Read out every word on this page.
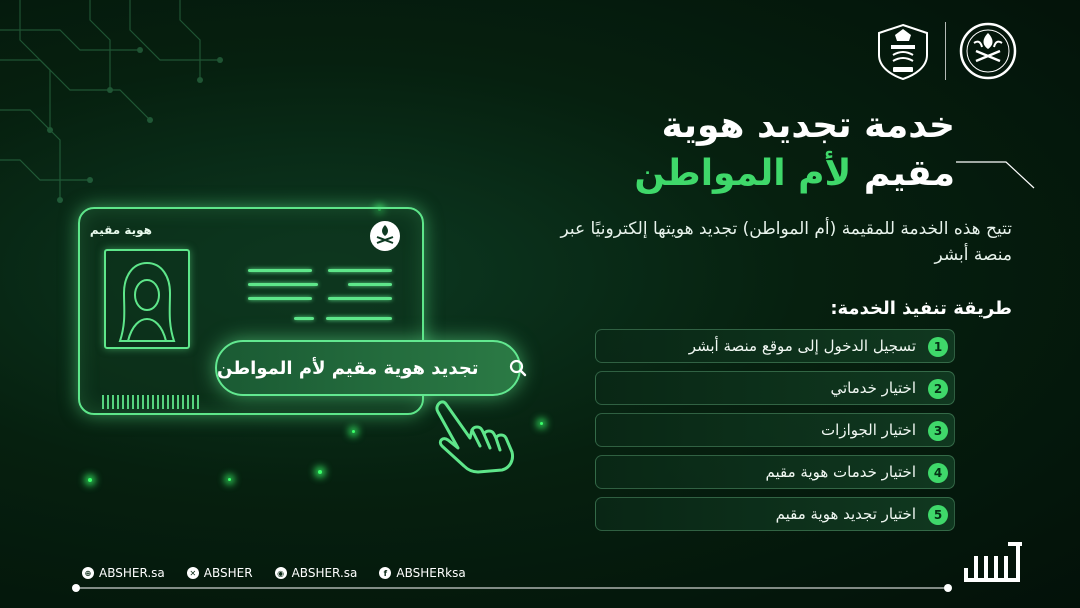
خدمة تجديد هوية
مقيم لأم المواطن
تتيح هذه الخدمة للمقيمة (أم المواطن) تجديد هويتها إلكترونيًا عبر منصة أبشر
طريقة تنفيذ الخدمة:
1
تسجيل الدخول إلى موقع منصة أبشر
2
اختيار خدماتي
3
اختيار الجوازات
4
اختيار خدمات هوية مقيم
5
اختيار تجديد هوية مقيم
هوية مقيم
تجديد هوية مقيم لأم المواطن
⊕ ABSHER.sa	✕ ABSHER	◉ ABSHER.sa	f ABSHERksa
